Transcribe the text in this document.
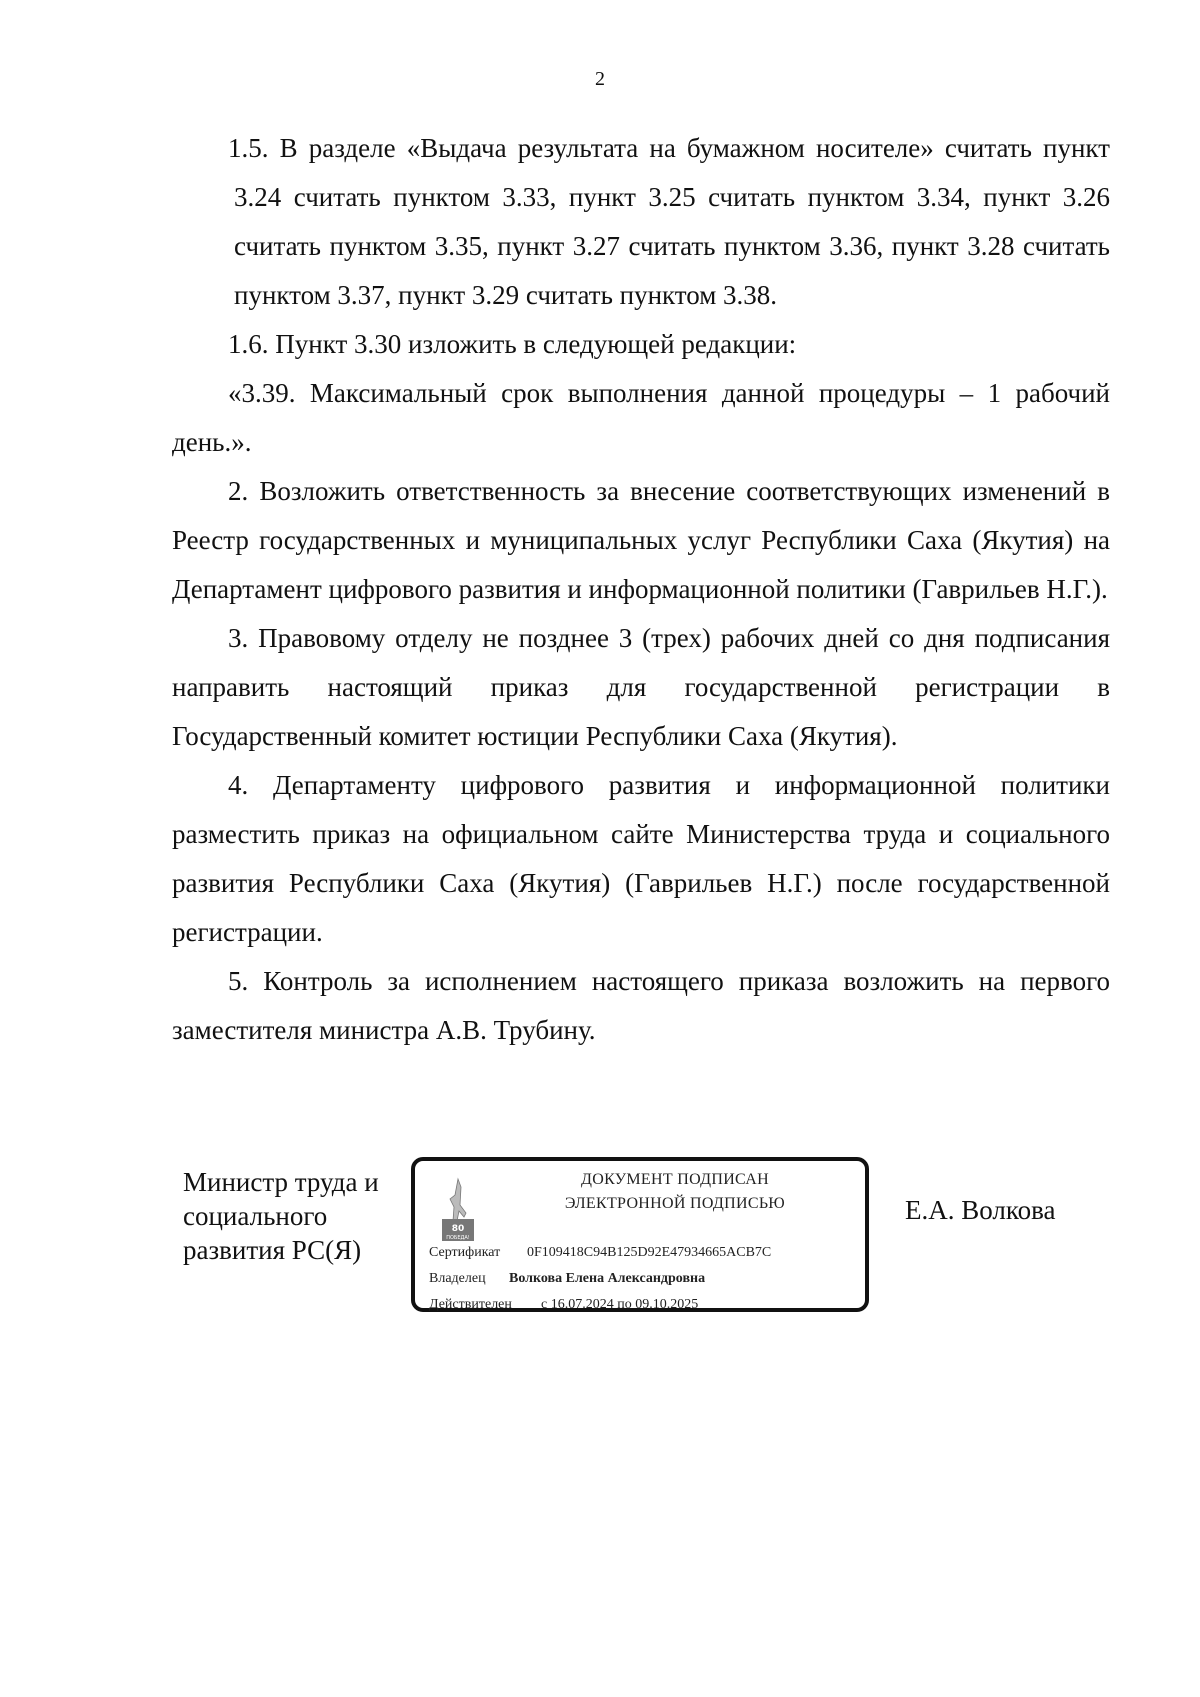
2

1.5. В разделе «Выдача результата на бумажном носителе» считать пункт 3.24 считать пунктом 3.33, пункт 3.25 считать пунктом 3.34, пункт 3.26 считать пунктом 3.35, пункт 3.27 считать пунктом 3.36, пункт 3.28 считать пунктом 3.37, пункт 3.29 считать пунктом 3.38.

1.6. Пункт 3.30 изложить в следующей редакции:

«3.39. Максимальный срок выполнения данной процедуры – 1 рабочий день.».

2. Возложить ответственность за внесение соответствующих изменений в Реестр государственных и муниципальных услуг Республики Саха (Якутия) на Департамент цифрового развития и информационной политики (Гаврильев Н.Г.).

3. Правовому отделу не позднее 3 (трех) рабочих дней со дня подписания направить настоящий приказ для государственной регистрации в Государственный комитет юстиции Республики Саха (Якутия).

4. Департаменту цифрового развития и информационной политики разместить приказ на официальном сайте Министерства труда и социального развития Республики Саха (Якутия) (Гаврильев Н.Г.) после государственной регистрации.

5. Контроль за исполнением настоящего приказа возложить на первого заместителя министра А.В. Трубину.

Министр труда и социального развития РС(Я)
80
ПОБЕДА!
ДОКУМЕНТ ПОДПИСАН
ЭЛЕКТРОННОЙ ПОДПИСЬЮ
Сертификат 0F109418C94B125D92E47934665ACB7C
Владелец Волкова Елена Александровна
Действителен с 16.07.2024 по 09.10.2025
Е.А. Волкова
